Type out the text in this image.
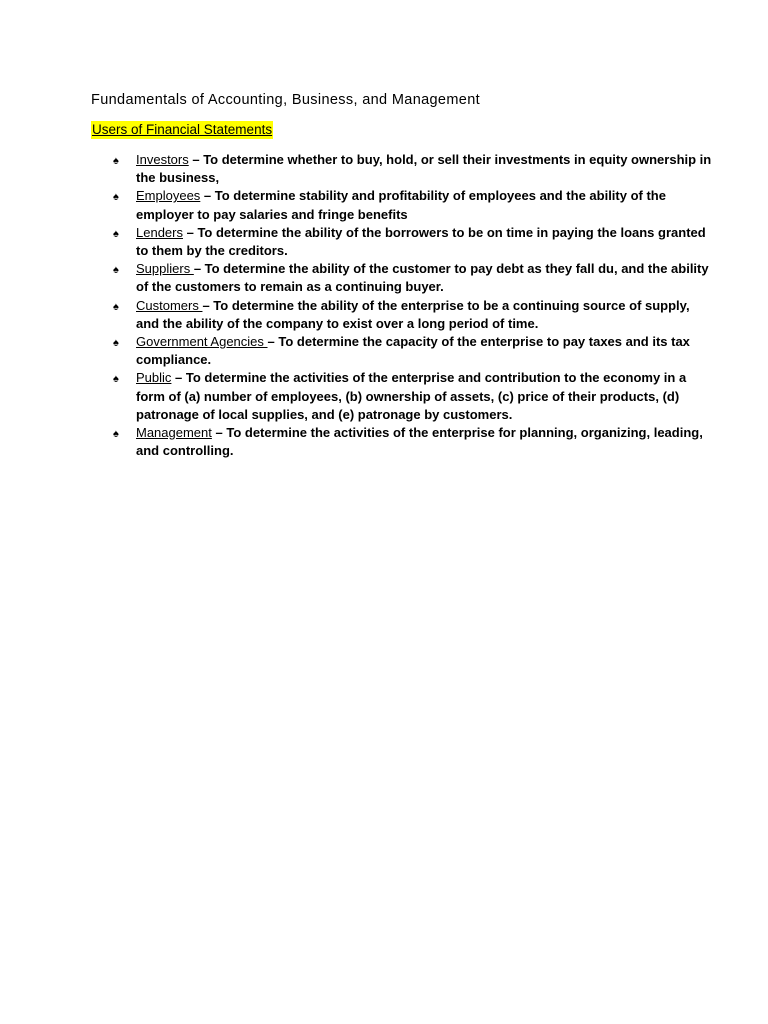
Fundamentals of Accounting, Business, and Management
Users of Financial Statements
♠ Investors – To determine whether to buy, hold, or sell their investments in equity ownership in the business,
♠ Employees – To determine stability and profitability of employees and the ability of the employer to pay salaries and fringe benefits
♠ Lenders – To determine the ability of the borrowers to be on time in paying the loans granted to them by the creditors.
♠ Suppliers – To determine the ability of the customer to pay debt as they fall du, and the ability of the customers to remain as a continuing buyer.
♠ Customers – To determine the ability of the enterprise to be a continuing source of supply, and the ability of the company to exist over a long period of time.
♠ Government Agencies – To determine the capacity of the enterprise to pay taxes and its tax compliance.
♠ Public – To determine the activities of the enterprise and contribution to the economy in a form of (a) number of employees, (b) ownership of assets, (c) price of their products, (d) patronage of local supplies, and (e) patronage by customers.
♠ Management – To determine the activities of the enterprise for planning, organizing, leading, and controlling.
